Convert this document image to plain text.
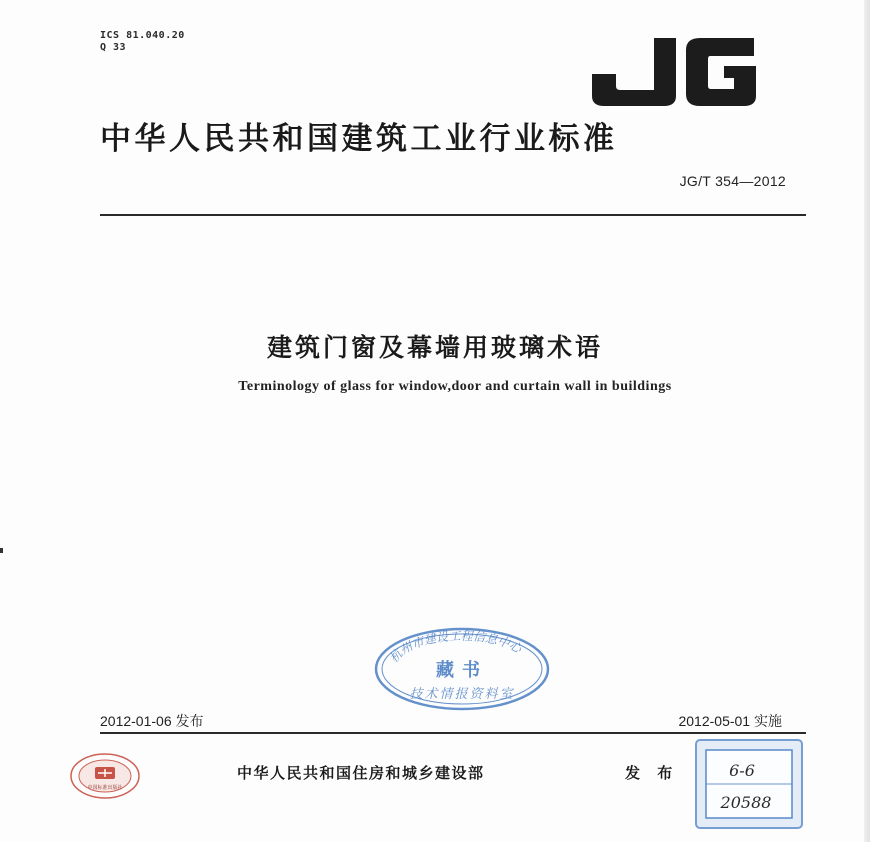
ICS 81.040.20
Q 33
中华人民共和国建筑工业行业标准
JG/T 354—2012
建筑门窗及幕墙用玻璃术语
Terminology of glass for window,door and curtain wall in buildings
杭州市建设工程信息中心
藏书
技术情报资料室
2012-01-06 发布	2012-05-01 实施
中国标准出版社
中华人民共和国住房和城乡建设部	发 布	6-6
20588
